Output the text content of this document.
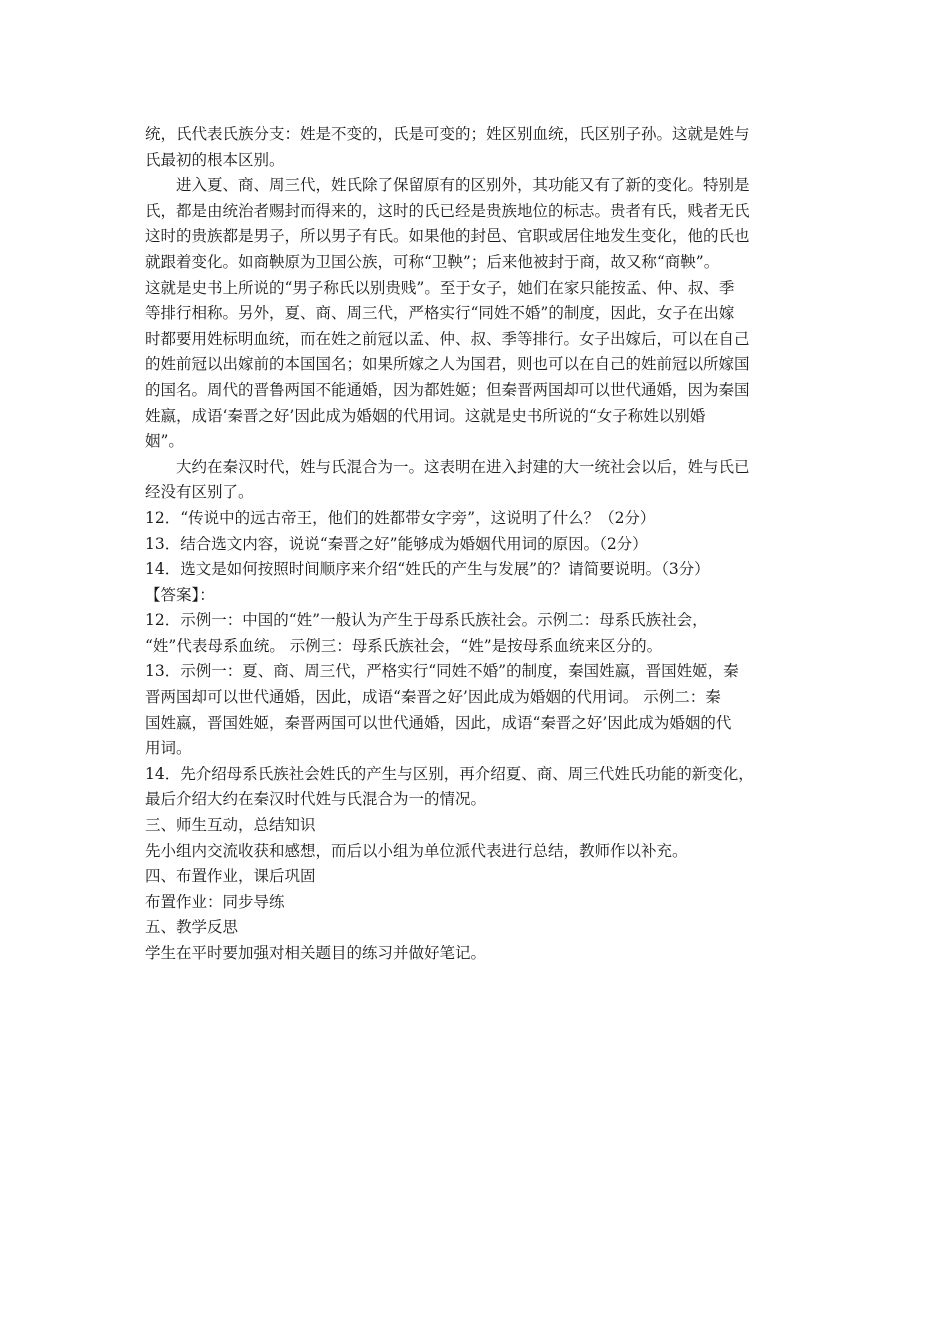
统，氏代表氏族分支：姓是不变的，氏是可变的；姓区别血统，氏区别子孙。这就是姓与
氏最初的根本区别。
进入夏、商、周三代，姓氏除了保留原有的区别外，其功能又有了新的变化。特别是
氏，都是由统治者赐封而得来的，这时的氏已经是贵族地位的标志。贵者有氏，贱者无氏
这时的贵族都是男子，所以男子有氏。如果他的封邑、官职或居住地发生变化，他的氏也
就跟着变化。如商鞅原为卫国公族，可称“卫鞅”；后来他被封于商，故又称“商鞅”。
这就是史书上所说的“男子称氏以别贵贱”。至于女子，她们在家只能按孟、仲、叔、季
等排行相称。另外，夏、商、周三代，严格实行“同姓不婚”的制度，因此，女子在出嫁
时都要用姓标明血统，而在姓之前冠以孟、仲、叔、季等排行。女子出嫁后，可以在自己
的姓前冠以出嫁前的本国国名；如果所嫁之人为国君，则也可以在自己的姓前冠以所嫁国
的国名。周代的晋鲁两国不能通婚，因为都姓姬；但秦晋两国却可以世代通婚，因为秦国
姓嬴，成语‘秦晋之好’因此成为婚姻的代用词。这就是史书所说的“女子称姓以别婚
姻”。
大约在秦汉时代，姓与氏混合为一。这表明在进入封建的大一统社会以后，姓与氏已
经没有区别了。
12．“传说中的远古帝王，他们的姓都带女字旁”，这说明了什么？（2分）
13．结合选文内容，说说“秦晋之好”能够成为婚姻代用词的原因。（2分）
14．选文是如何按照时间顺序来介绍“姓氏的产生与发展”的？请简要说明。（3分）
【答案】：
12．示例一：中国的“姓”一般认为产生于母系氏族社会。示例二：母系氏族社会，
“姓”代表母系血统。 示例三：母系氏族社会，“姓”是按母系血统来区分的。
13．示例一：夏、商、周三代，严格实行“同姓不婚”的制度，秦国姓嬴，晋国姓姬，秦
晋两国却可以世代通婚，因此，成语“秦晋之好’因此成为婚姻的代用词。 示例二：秦
国姓嬴，晋国姓姬，秦晋两国可以世代通婚，因此，成语“秦晋之好’因此成为婚姻的代
用词。
14．先介绍母系氏族社会姓氏的产生与区别，再介绍夏、商、周三代姓氏功能的新变化，
最后介绍大约在秦汉时代姓与氏混合为一的情况。
三、师生互动，总结知识
先小组内交流收获和感想，而后以小组为单位派代表进行总结，教师作以补充。
四、布置作业，课后巩固
布置作业：同步导练
五、教学反思
学生在平时要加强对相关题目的练习并做好笔记。
